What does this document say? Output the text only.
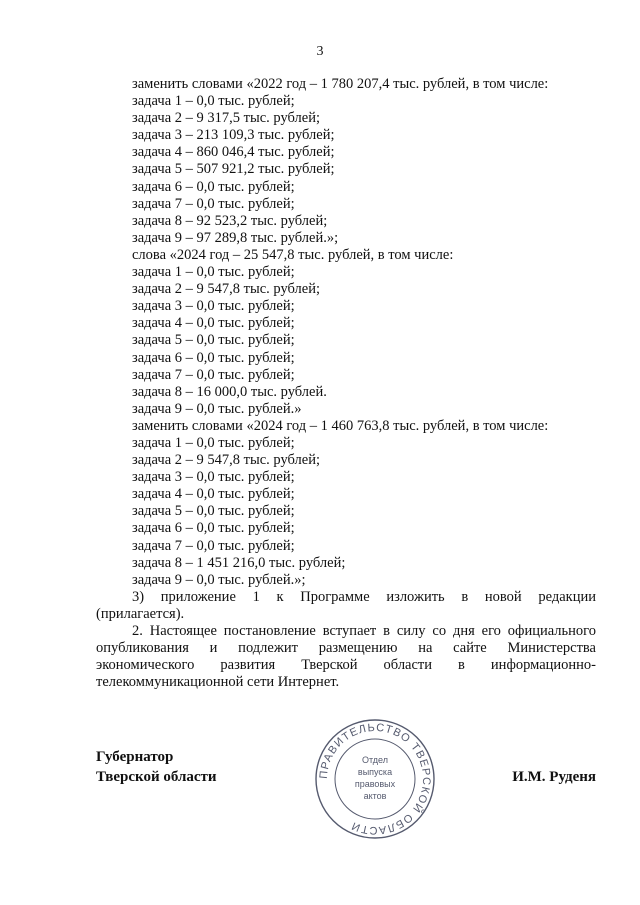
3
заменить словами «2022 год – 1 780 207,4 тыс. рублей, в том числе:
задача 1 – 0,0 тыс. рублей;
задача 2 – 9 317,5 тыс. рублей;
задача 3 – 213 109,3 тыс. рублей;
задача 4 – 860 046,4 тыс. рублей;
задача 5 – 507 921,2 тыс. рублей;
задача 6 – 0,0 тыс. рублей;
задача 7 – 0,0 тыс. рублей;
задача 8 – 92 523,2 тыс. рублей;
задача 9 – 97 289,8 тыс. рублей.»;
слова «2024 год – 25 547,8 тыс. рублей, в том числе:
задача 1 – 0,0 тыс. рублей;
задача 2 – 9 547,8 тыс. рублей;
задача 3 – 0,0 тыс. рублей;
задача 4 – 0,0 тыс. рублей;
задача 5 – 0,0 тыс. рублей;
задача 6 – 0,0 тыс. рублей;
задача 7 – 0,0 тыс. рублей;
задача 8 – 16 000,0 тыс. рублей.
задача 9 – 0,0 тыс. рублей.»
заменить словами «2024 год – 1 460 763,8 тыс. рублей, в том числе:
задача 1 – 0,0 тыс. рублей;
задача 2 – 9 547,8 тыс. рублей;
задача 3 – 0,0 тыс. рублей;
задача 4 – 0,0 тыс. рублей;
задача 5 – 0,0 тыс. рублей;
задача 6 – 0,0 тыс. рублей;
задача 7 – 0,0 тыс. рублей;
задача 8 – 1 451 216,0 тыс. рублей;
задача 9 – 0,0 тыс. рублей.»;
3) приложение 1 к Программе изложить в новой редакции
(прилагается).
2. Настоящее постановление вступает в силу со дня его официального
опубликования и подлежит размещению на сайте Министерства
экономического развития Тверской области в информационно-
телекоммуникационной сети Интернет.
Губернатор
Тверской области	ПРАВИТЕЛЬСТВО ТВЕРСКОЙ ОБЛАСТИ
Отдел
выпуска
правовых
актов
И.М. Руденя
